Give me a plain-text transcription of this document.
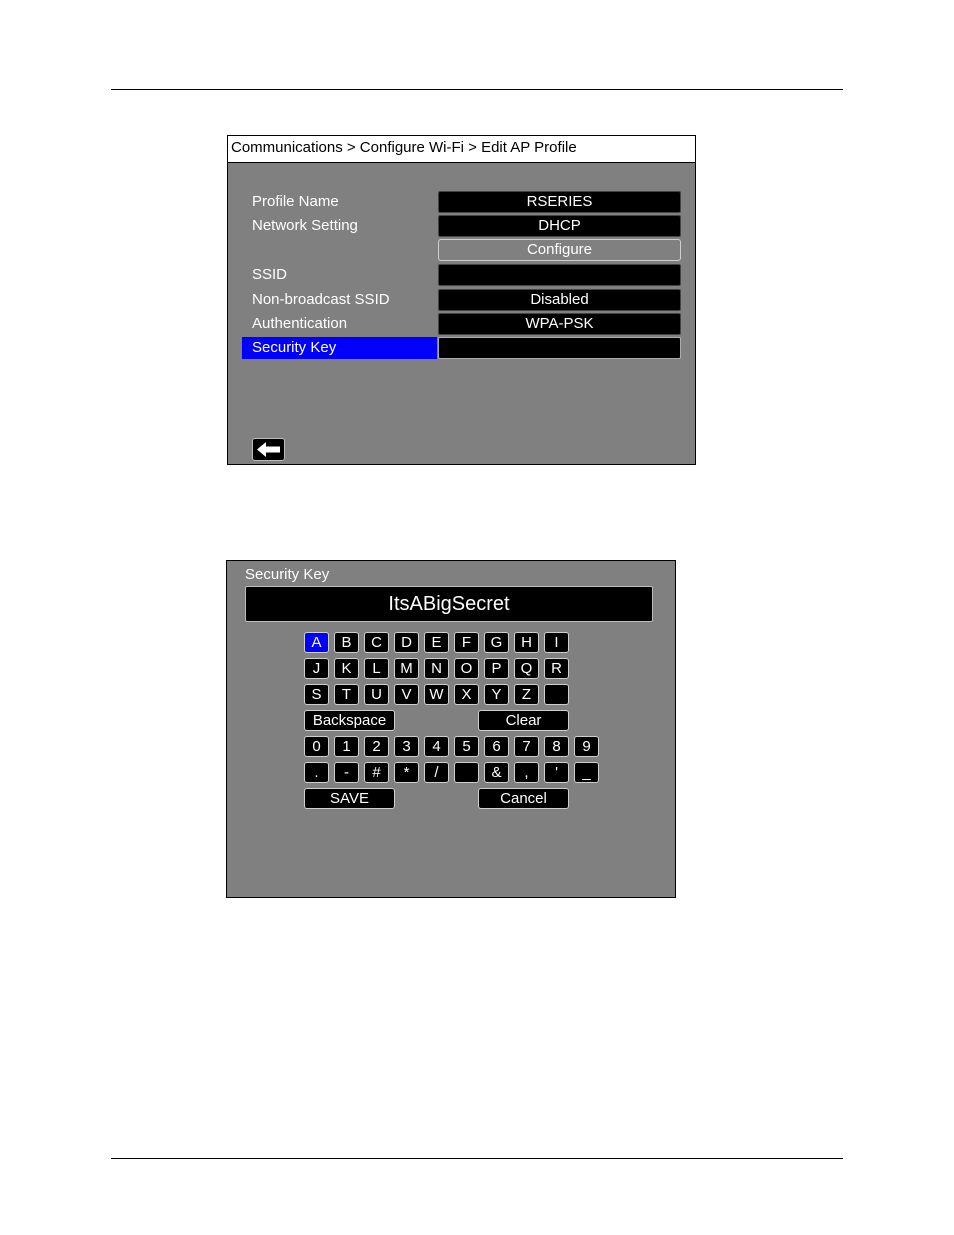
Communications > Configure Wi-Fi > Edit AP Profile
Profile Name	RSERIES
Network Setting	DHCP
Configure
SSID
Non-broadcast SSID	Disabled
Authentication	WPA-PSK
Security Key
Security Key
ItsABigSecret
A	B	C	D	E	F	G	H	I
J	K	L	M	N	O	P	Q	R
S	T	U	V	W	X	Y	Z
0	1	2	3	4	5	6	7	8	9
.	-	#	*	/	&	,	'	_
Backspace	Clear
SAVE	Cancel
